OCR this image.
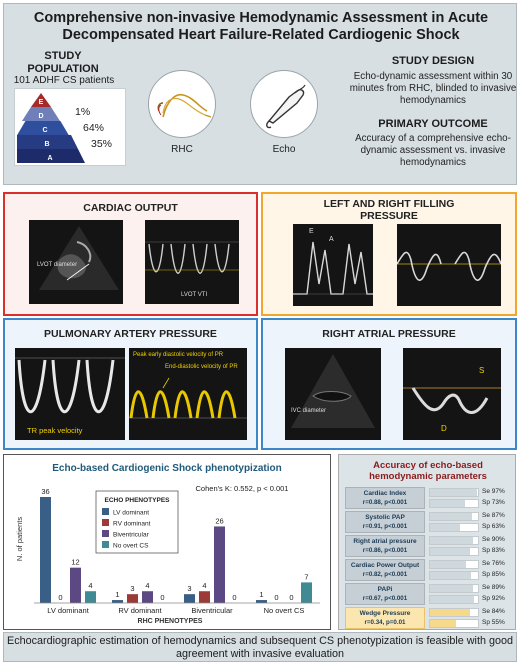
Comprehensive non-invasive Hemodynamic Assessment in Acute Decompensated Heart Failure-Related Cardiogenic Shock
STUDY POPULATION
101 ADHF CS patients
E
D
C
B
A
1%
64%
35%	RHC	Echo
STUDY DESIGN
Echo-dynamic assessment within 30 minutes from RHC, blinded to invasive hemodynamics
PRIMARY OUTCOME
Accuracy of a comprehensive echo-dynamic assessment vs. invasive hemodynamics
CARDIAC OUTPUT
LVOT diameter
LVOT VTI
LEFT AND RIGHT FILLING PRESSURE
E
A
PULMONARY ARTERY PRESSURE
TR peak velocity
Peak early diastolic velocity of PR
End-diastolic velocity of PR
RIGHT ATRIAL PRESSURE
IVC diameter
S
D
Echo-based Cardiogenic Shock phenotypization
N. of patients
RHC PHENOTYPES
Cohen's K: 0.552, p < 0.001
ECHO PHENOTYPES
LV dominant
RV dominant
Biventricular
No overt CS
36
0
12
4
LV dominant
1
3 4
0
RV dominant
3 4
26
0
Biventricular
1 0 0
7
No overt CS
Accuracy of echo-based hemodynamic parameters
Cardiac Index
r=0.88, p<0.001
Se 97%
Sp 73%
Systolic PAP
r=0.91, p<0.001
Se 87%
Sp 63%
Right atrial pressure
r=0.86, p<0.001
Se 90%
Sp 83%
Cardiac Power Output
r=0.82, p<0.001
Se 76%
Sp 85%
PAPi
r=0.67, p<0.001
Se 89%
Sp 92%
Wedge Pressure
r=0.34, p=0.01
Se 84%
Sp 55%
Echocardiographic estimation of hemodynamics and subsequent CS phenotypization is feasible with good agreement with invasive evaluation
